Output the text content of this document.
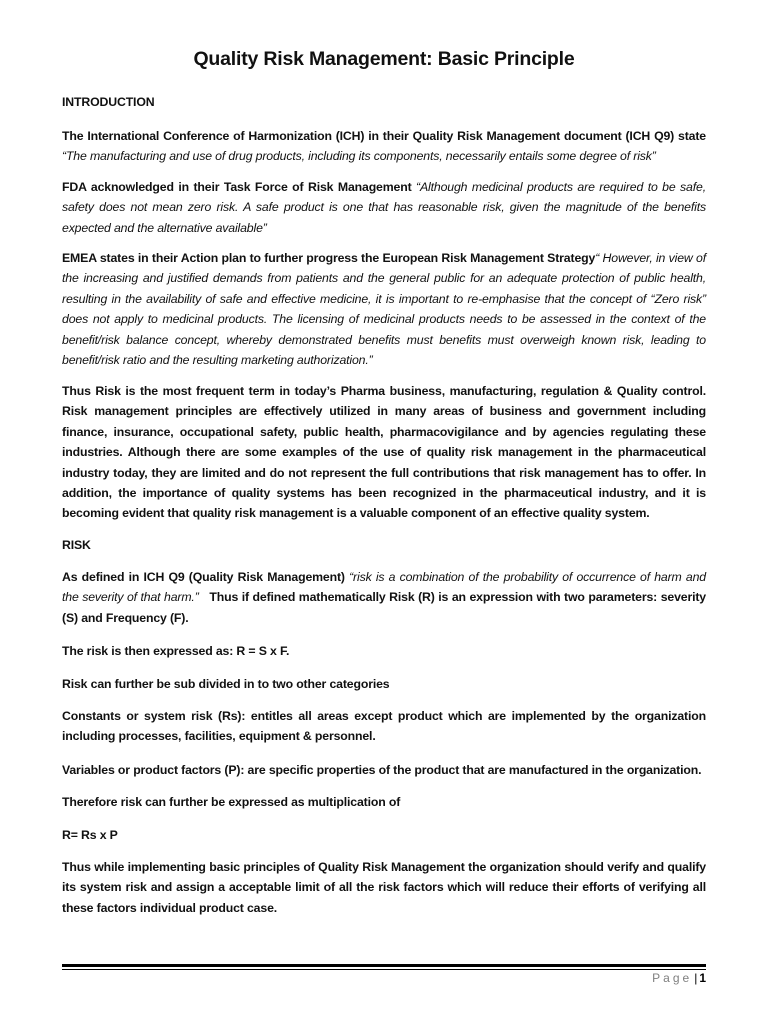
Quality Risk Management: Basic Principle

INTRODUCTION

The International Conference of Harmonization (ICH) in their Quality Risk Management document (ICH Q9) state “The manufacturing and use of drug products, including its components, necessarily entails some degree of risk”

FDA acknowledged in their Task Force of Risk Management “Although medicinal products are required to be safe, safety does not mean zero risk. A safe product is one that has reasonable risk, given the magnitude of the benefits expected and the alternative available”

EMEA states in their Action plan to further progress the European Risk Management Strategy“ However, in view of the increasing and justified demands from patients and the general public for an adequate protection of public health, resulting in the availability of safe and effective medicine, it is important to re-emphasise that the concept of “Zero risk” does not apply to medicinal products. The licensing of medicinal products needs to be assessed in the context of the benefit/risk balance concept, whereby demonstrated benefits must benefits must overweigh known risk, leading to benefit/risk ratio and the resulting marketing authorization.”

Thus Risk is the most frequent term in today’s Pharma business, manufacturing, regulation & Quality control. Risk management principles are effectively utilized in many areas of business and government including finance, insurance, occupational safety, public health, pharmacovigilance and by agencies regulating these industries. Although there are some examples of the use of quality risk management in the pharmaceutical industry today, they are limited and do not represent the full contributions that risk management has to offer. In addition, the importance of quality systems has been recognized in the pharmaceutical industry, and it is becoming evident that quality risk management is a valuable component of an effective quality system.

RISK

As defined in ICH Q9 (Quality Risk Management) “risk is a combination of the probability of occurrence of harm and the severity of that harm.” Thus if defined mathematically Risk (R) is an expression with two parameters: severity (S) and Frequency (F).

The risk is then expressed as: R = S x F.

Risk can further be sub divided in to two other categories

Constants or system risk (Rs): entitles all areas except product which are implemented by the organization including processes, facilities, equipment & personnel.

Variables or product factors (P): are specific properties of the product that are manufactured in the organization.

Therefore risk can further be expressed as multiplication of

R= Rs x P

Thus while implementing basic principles of Quality Risk Management the organization should verify and qualify its system risk and assign a acceptable limit of all the risk factors which will reduce their efforts of verifying all these factors individual product case.

Page | 1
